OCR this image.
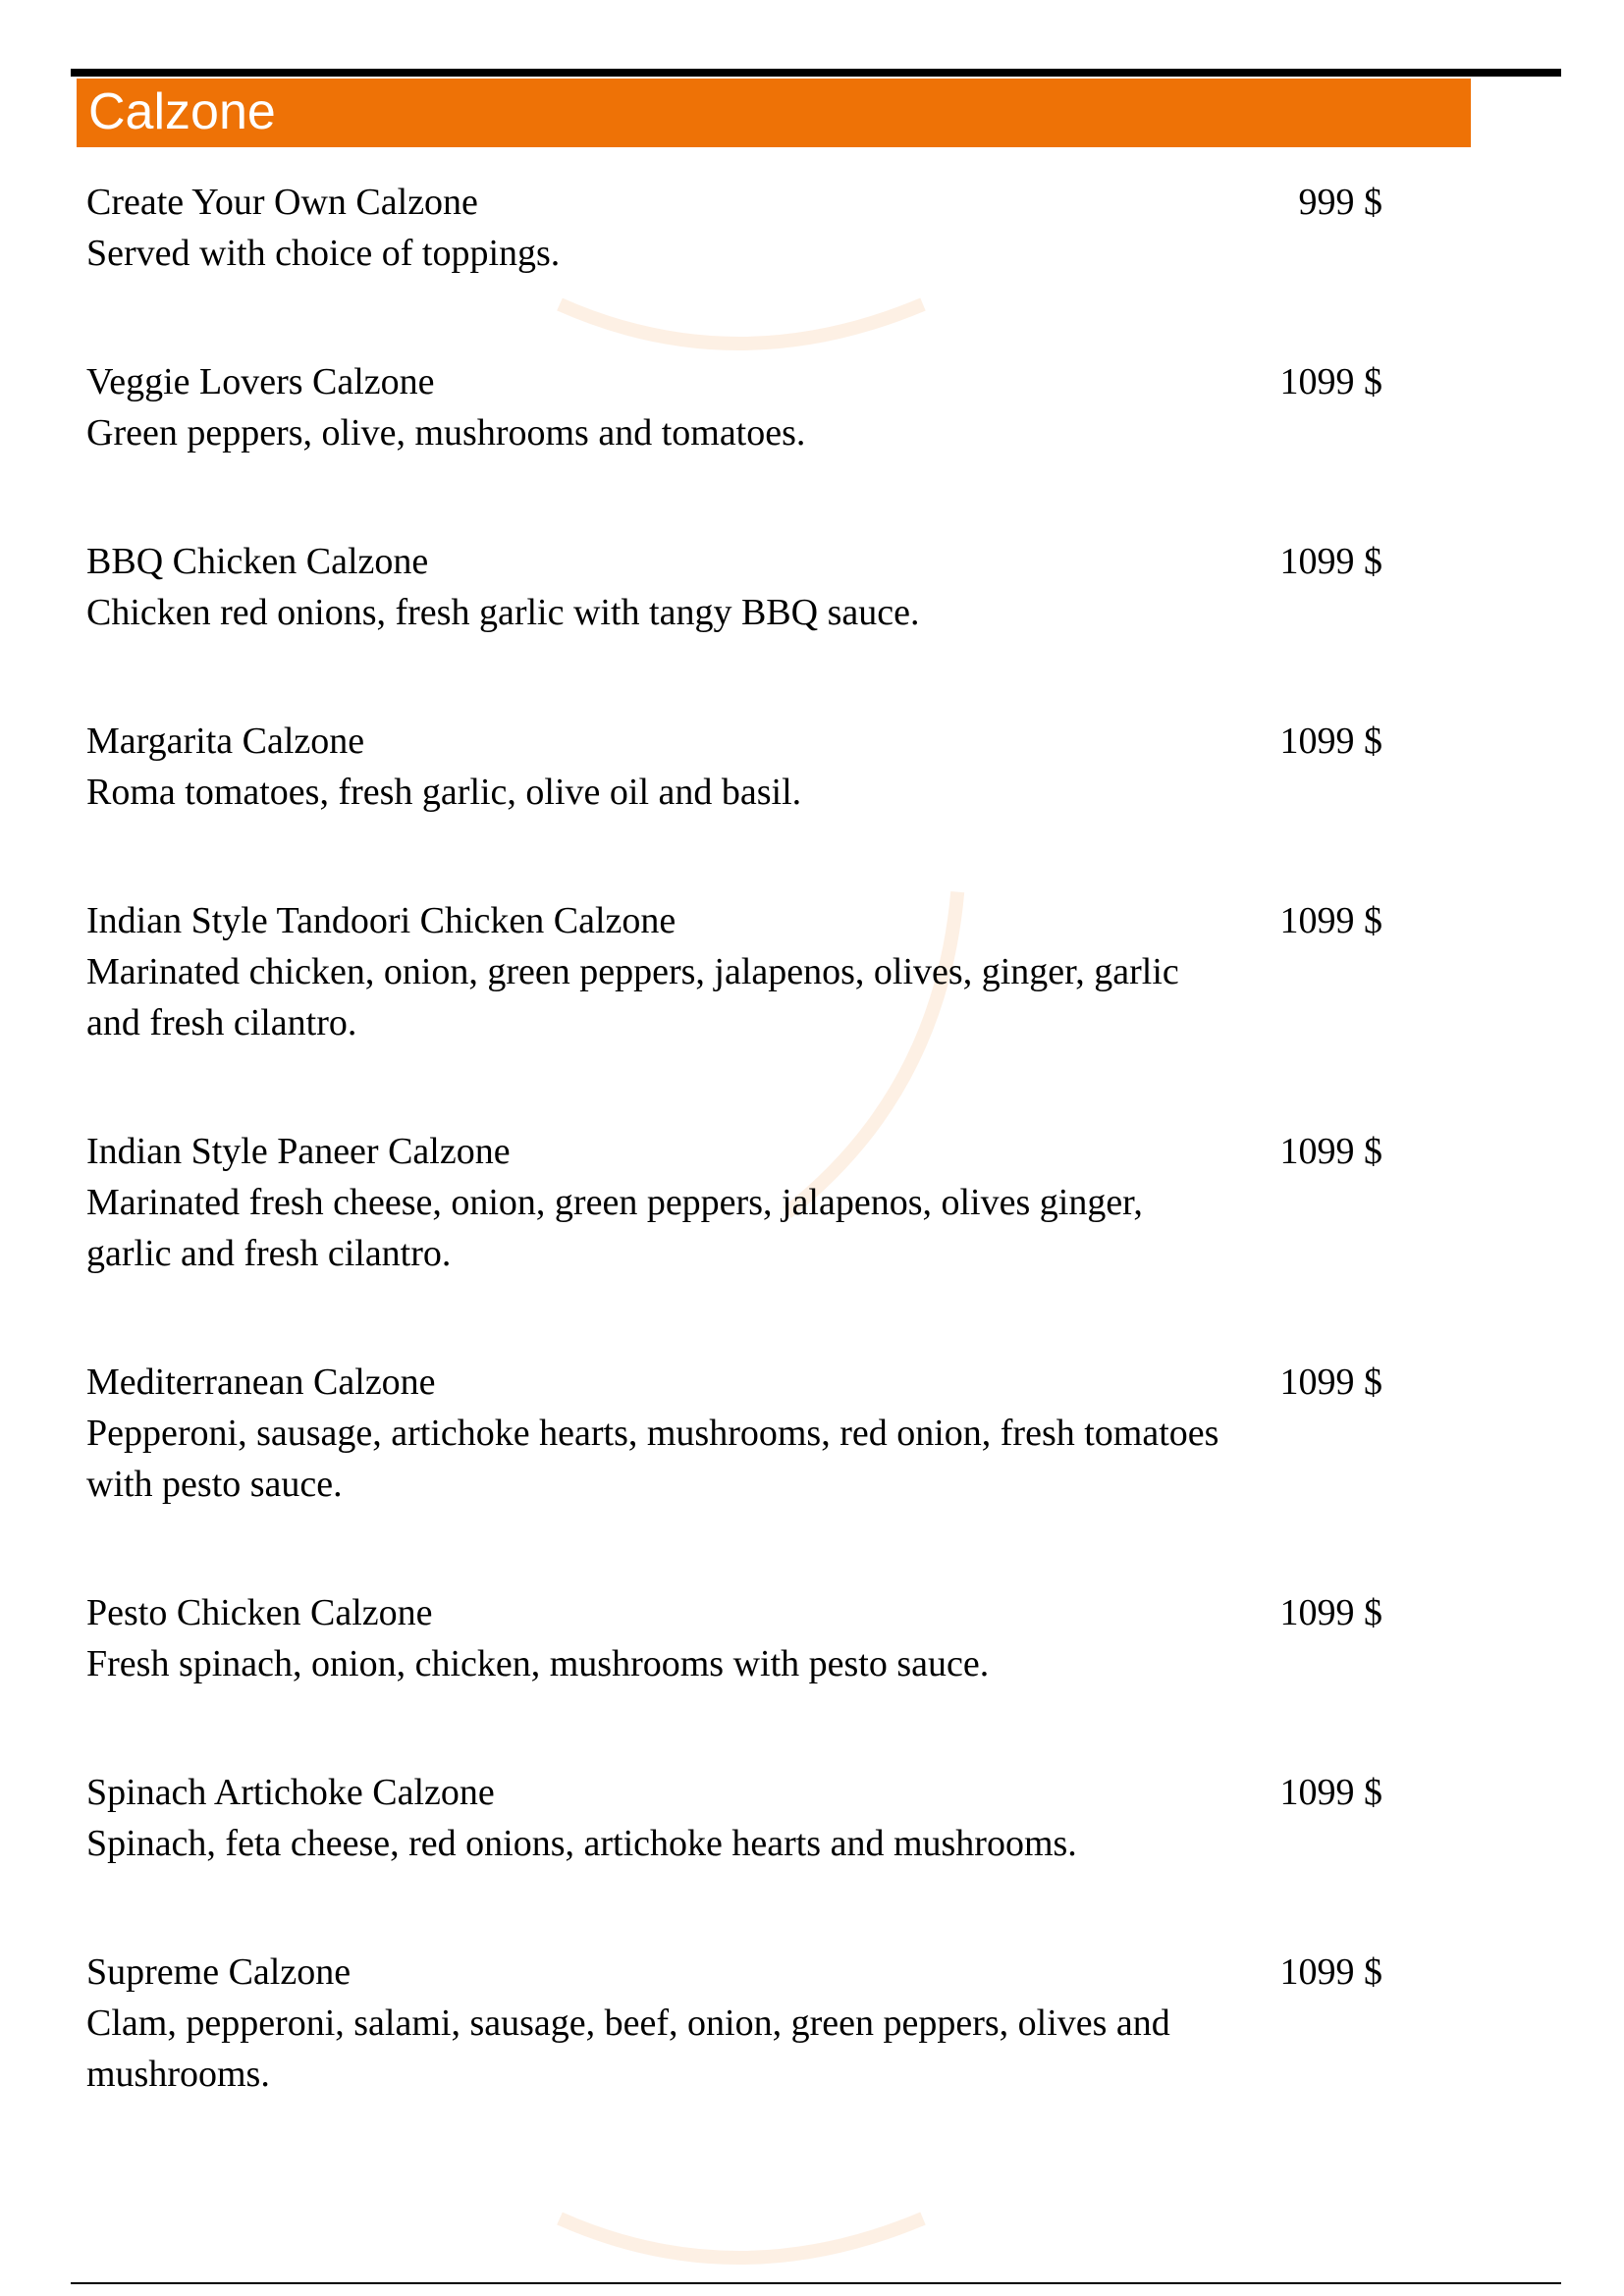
Calzone
Create Your Own Calzone
Served with choice of toppings.
999 $
Veggie Lovers Calzone
Green peppers, olive, mushrooms and tomatoes.
1099 $
BBQ Chicken Calzone
Chicken red onions, fresh garlic with tangy BBQ sauce.
1099 $
Margarita Calzone
Roma tomatoes, fresh garlic, olive oil and basil.
1099 $
Indian Style Tandoori Chicken Calzone
Marinated chicken, onion, green peppers, jalapenos, olives, ginger, garlic and fresh cilantro.
1099 $
Indian Style Paneer Calzone
Marinated fresh cheese, onion, green peppers, jalapenos, olives ginger, garlic and fresh cilantro.
1099 $
Mediterranean Calzone
Pepperoni, sausage, artichoke hearts, mushrooms, red onion, fresh tomatoes with pesto sauce.
1099 $
Pesto Chicken Calzone
Fresh spinach, onion, chicken, mushrooms with pesto sauce.
1099 $
Spinach Artichoke Calzone
Spinach, feta cheese, red onions, artichoke hearts and mushrooms.
1099 $
Supreme Calzone
Clam, pepperoni, salami, sausage, beef, onion, green peppers, olives and mushrooms.
1099 $
